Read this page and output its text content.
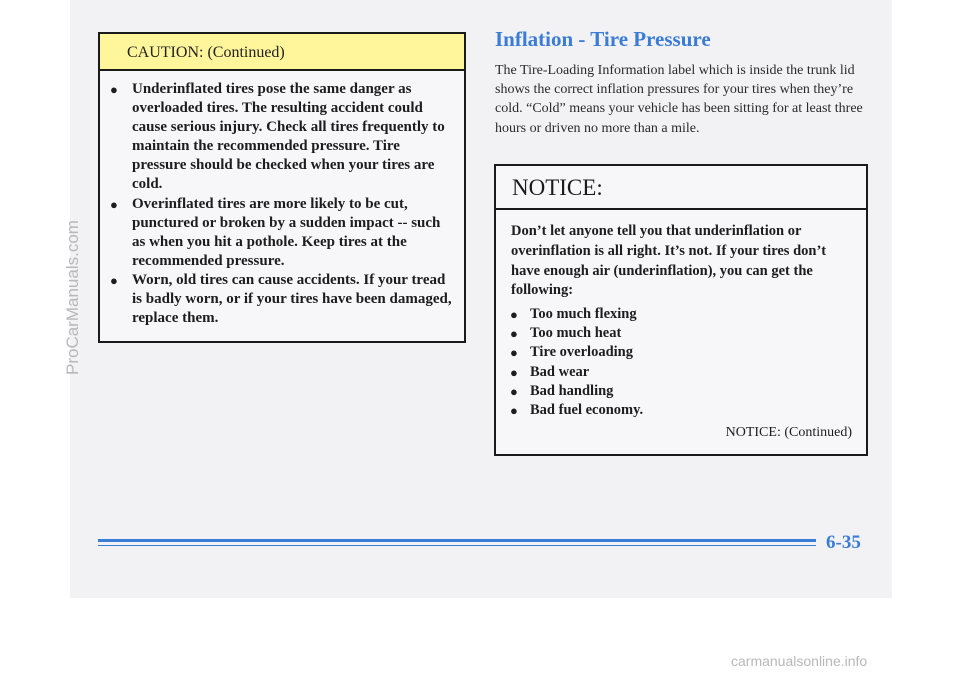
CAUTION: (Continued)
● Underinflated tires pose the same danger as overloaded tires. The resulting accident could cause serious injury. Check all tires frequently to maintain the recommended pressure. Tire pressure should be checked when your tires are cold.
● Overinflated tires are more likely to be cut, punctured or broken by a sudden impact -- such as when you hit a pothole. Keep tires at the recommended pressure.
● Worn, old tires can cause accidents. If your tread is badly worn, or if your tires have been damaged, replace them.
Inflation - Tire Pressure

The Tire-Loading Information label which is inside the trunk lid shows the correct inflation pressures for your tires when they’re cold. “Cold” means your vehicle has been sitting for at least three hours or driven no more than a mile.

NOTICE:

Don’t let anyone tell you that underinflation or overinflation is all right. It’s not. If your tires don’t have enough air (underinflation), you can get the following:

● Too much flexing
● Too much heat
● Tire overloading
● Bad wear
● Bad handling
● Bad fuel economy.
NOTICE: (Continued)
6-35
ProCarManuals.com
carmanualsonline.info
